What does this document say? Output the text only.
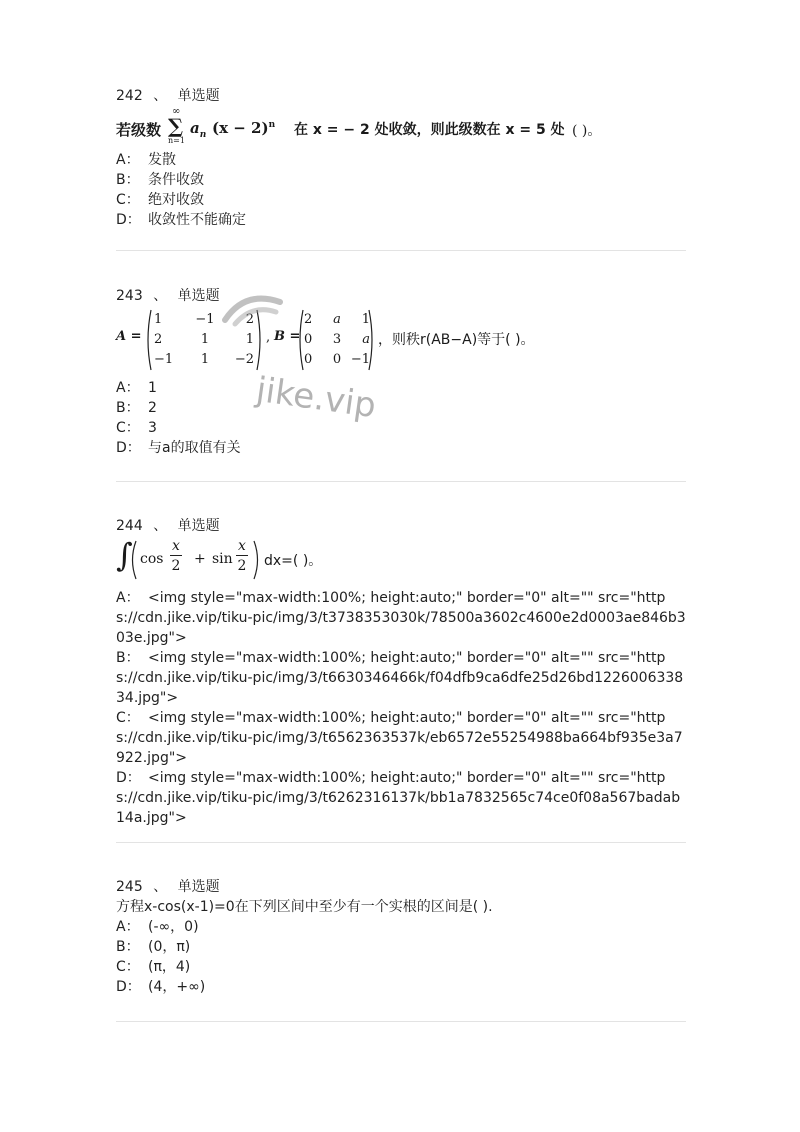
242 、 单选题
若级数
∞
∑
n=1
$a_n$ $(x - 2)^n$ 在 x = − 2 处收敛，则此级数在 x = 5 处 ( )。
A： 发散
B： 条件收敛
C： 绝对收敛
D： 收敛性不能确定
243 、 单选题
A =
1	−1	2
2	1	1
−1	1	−2
, B =
2	a	1
0	3	a
0	0 −1
，则秩r(AB−A)等于( )。
A： 1
B： 2
C： 3
D： 与a的取值有关
jike.vip
244 、 单选题
∫ cos
x
2 + sin
x
2 dx=( )。
A： <img style="max-width:100%; height:auto;" border="0" alt="" src="https://cdn.jike.vip/tiku-pic/img/3/t3738353030k/78500a3602c4600e2d0003ae846b303e.jpg">
B： <img style="max-width:100%; height:auto;" border="0" alt="" src="https://cdn.jike.vip/tiku-pic/img/3/t6630346466k/f04dfb9ca6dfe25d26bd122600633834.jpg">
C： <img style="max-width:100%; height:auto;" border="0" alt="" src="https://cdn.jike.vip/tiku-pic/img/3/t6562363537k/eb6572e55254988ba664bf935e3a7922.jpg">
D： <img style="max-width:100%; height:auto;" border="0" alt="" src="https://cdn.jike.vip/tiku-pic/img/3/t6262316137k/bb1a7832565c74ce0f08a567badab14a.jpg">
245 、 单选题
方程x-cos(x-1)=0在下列区间中至少有一个实根的区间是( ).
A： (-∞，0)
B： (0，π)
C： (π，4)
D： (4，+∞)
